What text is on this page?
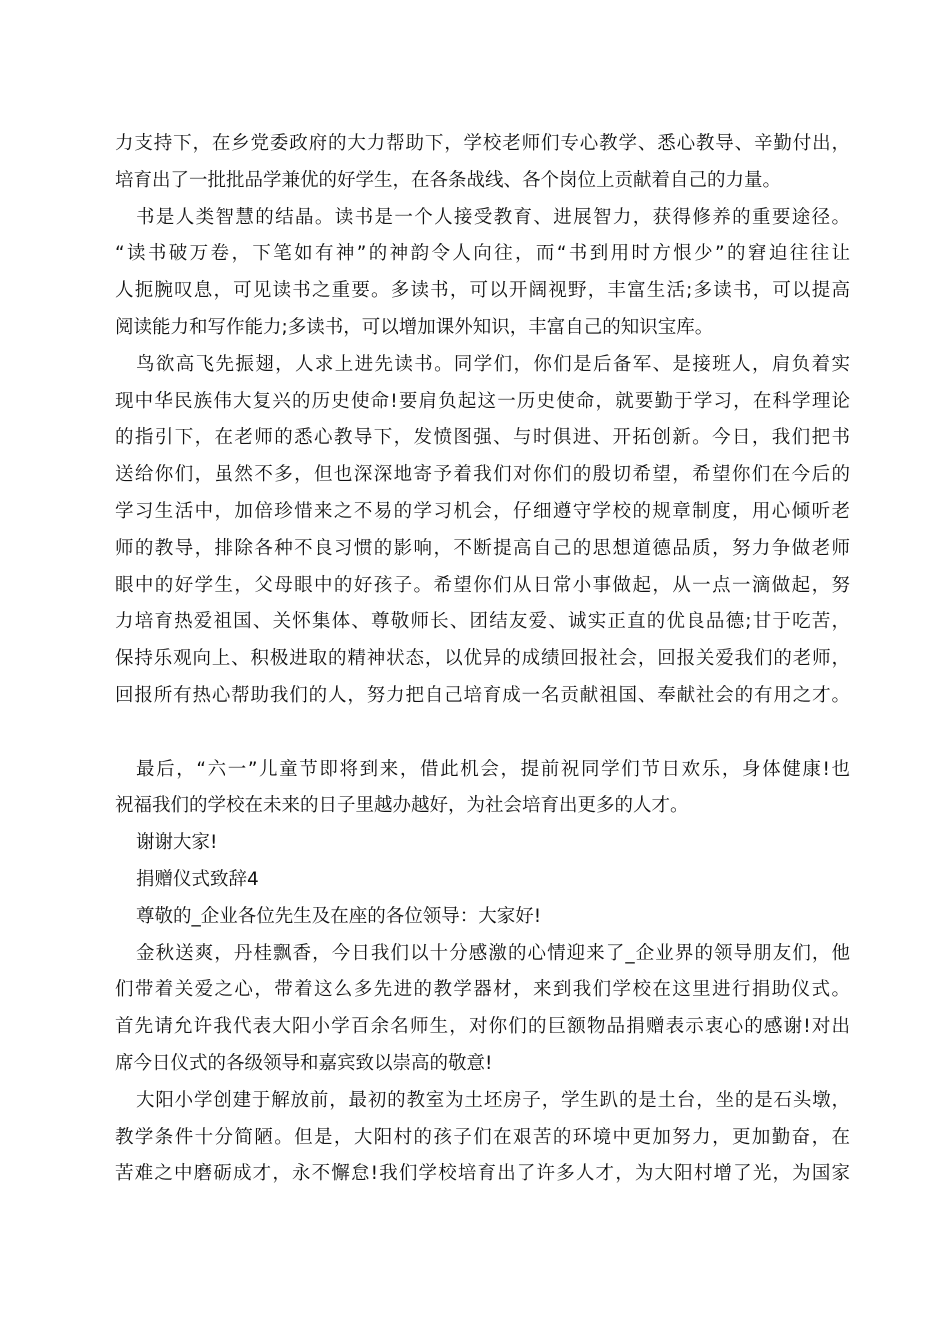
力支持下，在乡党委政府的大力帮助下，学校老师们专心教学、悉心教导、辛勤付出，
培育出了一批批品学兼优的好学生，在各条战线、各个岗位上贡献着自己的力量。
书是人类智慧的结晶。读书是一个人接受教育、进展智力，获得修养的重要途径。
“读书破万卷，下笔如有神”的神韵令人向往，而“书到用时方恨少”的窘迫往往让
人扼腕叹息，可见读书之重要。多读书，可以开阔视野，丰富生活;多读书，可以提高
阅读能力和写作能力;多读书，可以增加课外知识，丰富自己的知识宝库。
鸟欲高飞先振翅，人求上进先读书。同学们，你们是后备军、是接班人，肩负着实
现中华民族伟大复兴的历史使命!要肩负起这一历史使命，就要勤于学习，在科学理论
的指引下，在老师的悉心教导下，发愤图强、与时俱进、开拓创新。今日，我们把书
送给你们，虽然不多，但也深深地寄予着我们对你们的殷切希望，希望你们在今后的
学习生活中，加倍珍惜来之不易的学习机会，仔细遵守学校的规章制度，用心倾听老
师的教导，排除各种不良习惯的影响，不断提高自己的思想道德品质，努力争做老师
眼中的好学生，父母眼中的好孩子。希望你们从日常小事做起，从一点一滴做起，努
力培育热爱祖国、关怀集体、尊敬师长、团结友爱、诚实正直的优良品德;甘于吃苦，
保持乐观向上、积极进取的精神状态，以优异的成绩回报社会，回报关爱我们的老师，
回报所有热心帮助我们的人，努力把自己培育成一名贡献祖国、奉献社会的有用之才。
最后，“六一”儿童节即将到来，借此机会，提前祝同学们节日欢乐，身体健康!也
祝福我们的学校在未来的日子里越办越好，为社会培育出更多的人才。
谢谢大家!
捐赠仪式致辞4
尊敬的_企业各位先生及在座的各位领导：大家好!
金秋送爽，丹桂飘香，今日我们以十分感激的心情迎来了_企业界的领导朋友们，他
们带着关爱之心，带着这么多先进的教学器材，来到我们学校在这里进行捐助仪式。
首先请允许我代表大阳小学百余名师生，对你们的巨额物品捐赠表示衷心的感谢!对出
席今日仪式的各级领导和嘉宾致以崇高的敬意!
大阳小学创建于解放前，最初的教室为土坯房子，学生趴的是土台，坐的是石头墩，
教学条件十分简陋。但是，大阳村的孩子们在艰苦的环境中更加努力，更加勤奋，在
苦难之中磨砺成才，永不懈怠!我们学校培育出了许多人才，为大阳村增了光，为国家
